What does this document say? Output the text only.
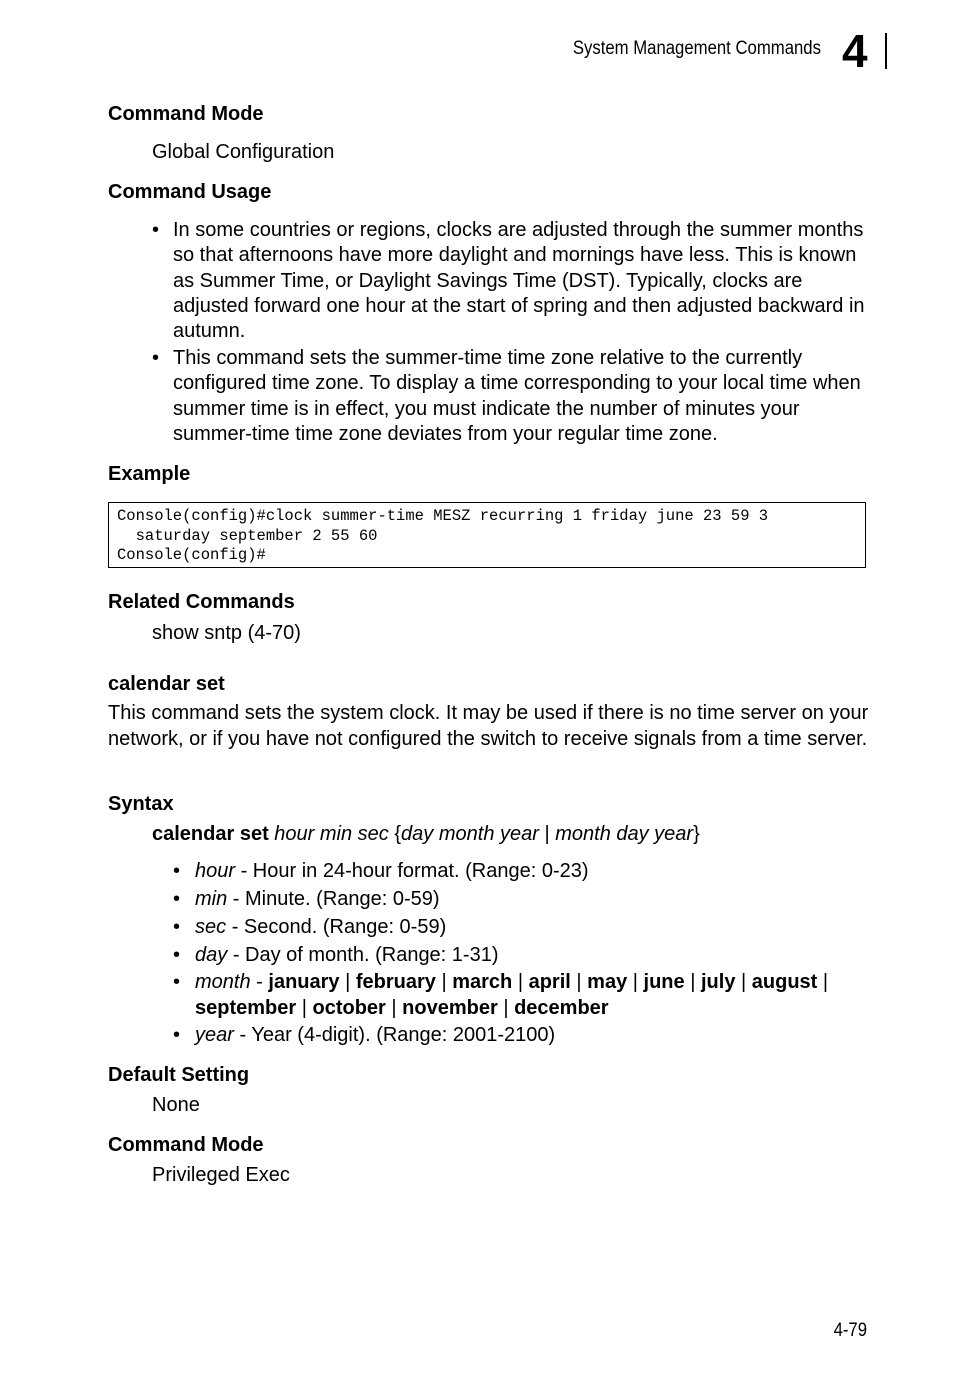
System Management Commands 4
Command Mode
Global Configuration
Command Usage
• In some countries or regions, clocks are adjusted through the summer months so that afternoons have more daylight and mornings have less. This is known as Summer Time, or Daylight Savings Time (DST). Typically, clocks are adjusted forward one hour at the start of spring and then adjusted backward in autumn.
• This command sets the summer-time time zone relative to the currently configured time zone. To display a time corresponding to your local time when summer time is in effect, you must indicate the number of minutes your summer-time time zone deviates from your regular time zone.
Example
Console(config)#clock summer-time MESZ recurring 1 friday june 23 59 3
saturday september 2 55 60
Console(config)#
Related Commands
show sntp (4-70)
calendar set
This command sets the system clock. It may be used if there is no time server on your network, or if you have not configured the switch to receive signals from a time server.
Syntax
calendar set hour min sec {day month year | month day year}
• hour - Hour in 24-hour format. (Range: 0-23)
• min - Minute. (Range: 0-59)
• sec - Second. (Range: 0-59)
• day - Day of month. (Range: 1-31)
• month - january | february | march | april | may | june | july | august | september | october | november | december
• year - Year (4-digit). (Range: 2001-2100)
Default Setting
None
Command Mode
Privileged Exec
4-79
